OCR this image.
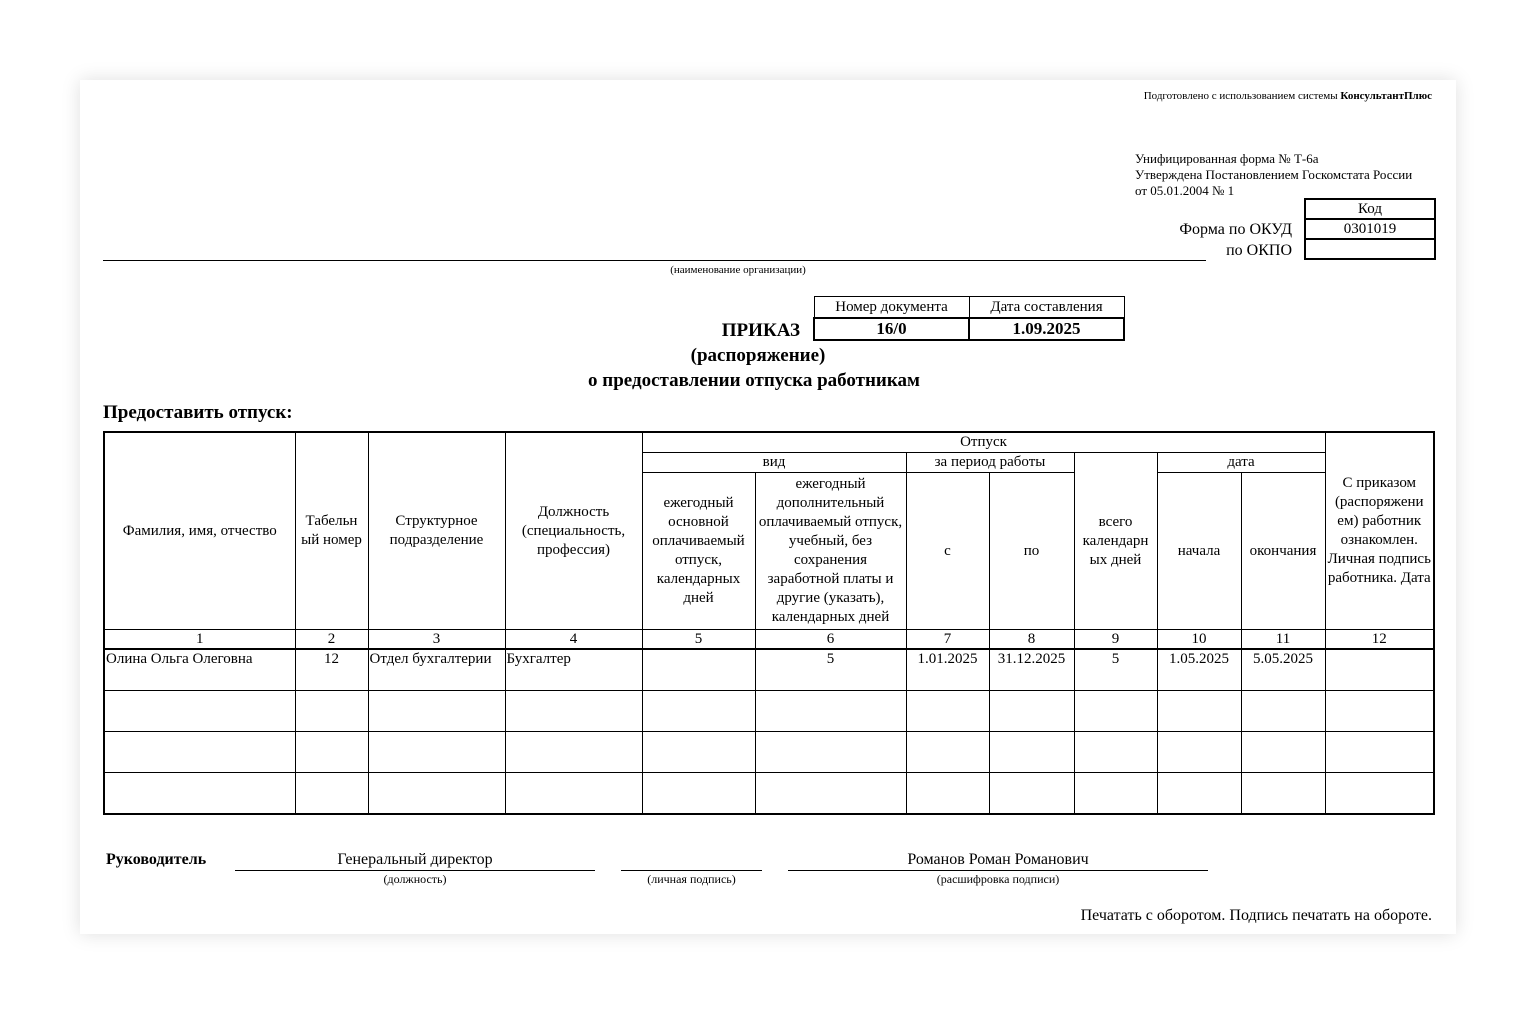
Подготовлено с использованием системы КонсультантПлюс
Унифицированная форма № Т-6а
Утверждена Постановлением Госкомстата России
от 05.01.2004 № 1
Форма по ОКУД
по ОКПО
Код
0301019

(наименование организации)
Номер документа	Дата составления
16/0	1.09.2025
ПРИКАЗ
(распоряжение)
о предоставлении отпуска работникам
Предоставить отпуск:
Фамилия, имя, отчество	Табельн ый номер	Структурное подразделение	Должность (специальность, профессия)	Отпуск							С приказом (распоряжени ем) работник ознакомлен. Личная подпись работника. Дата
				вид		за период работы		всего календарн ых дней	дата		
				ежегодный основной оплачиваемый отпуск, календарных дней	ежегодный дополнительный оплачиваемый отпуск, учебный, без сохранения заработной платы и другие (указать), календарных дней	с	по		начала	окончания	
1	2	3	4	5	6	7	8	9	10	11	12
Олина Ольга Олеговна	12	Отдел бухгалтерии	Бухгалтер		5	1.01.2025	31.12.2025	5	1.05.2025	5.05.2025	

Руководитель	Генеральный директор
(должность)	(личная подпись)
Романов Роман Романович
(расшифровка подписи)
Печатать с оборотом. Подпись печатать на обороте.
